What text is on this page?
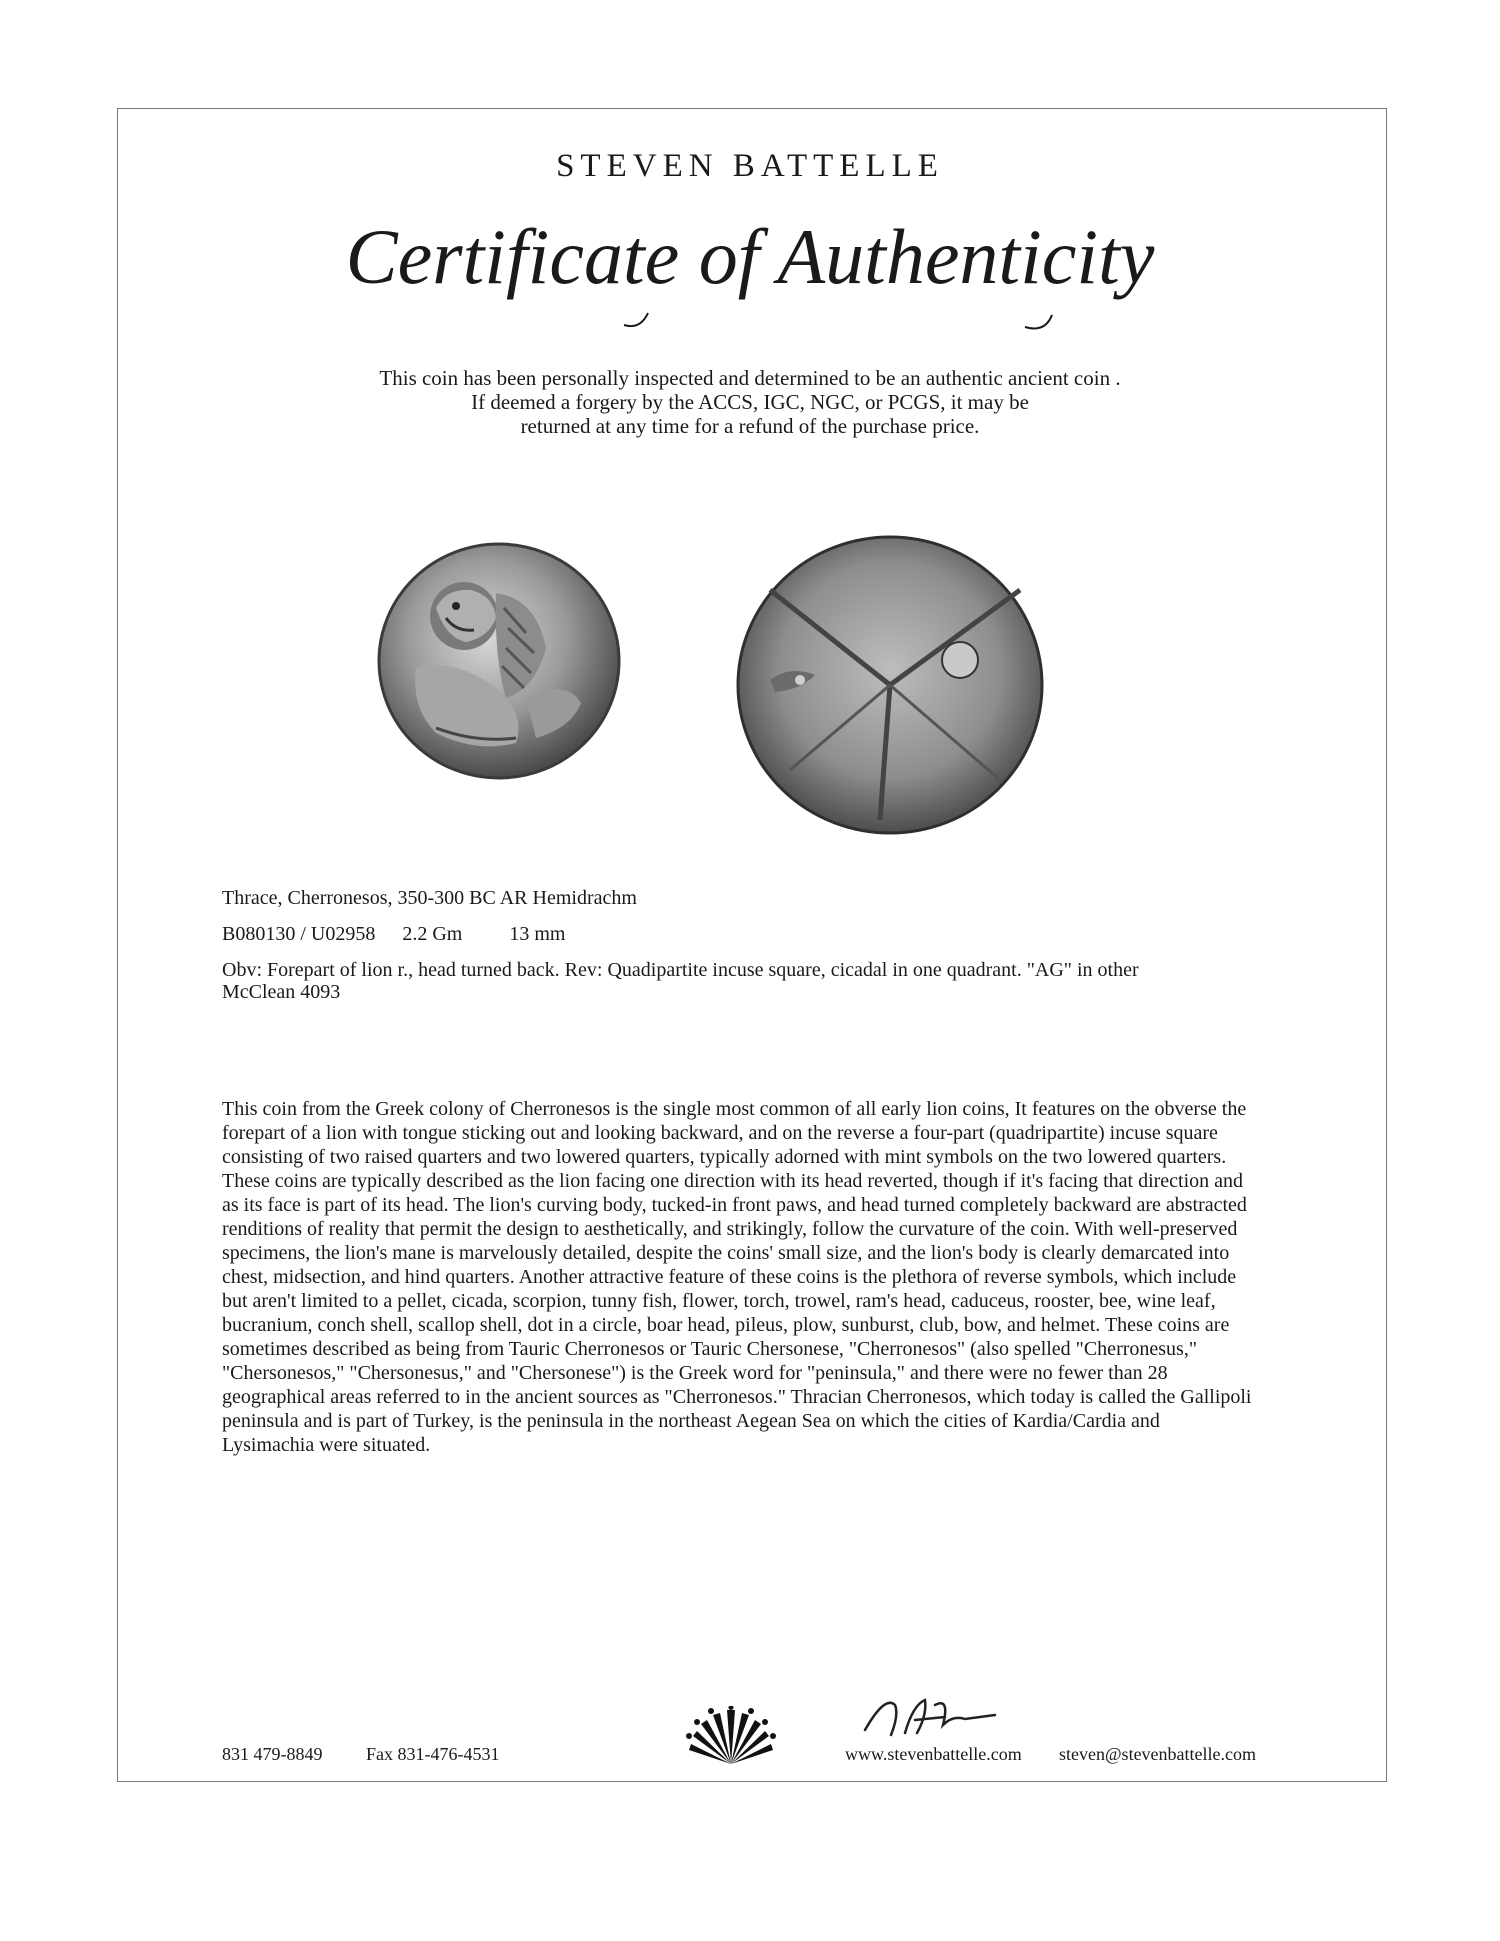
STEVEN BATTELLE
Certificate of Authenticity
This coin has been personally inspected and determined to be an authentic ancient coin .
If deemed a forgery by the ACCS, IGC, NGC, or PCGS, it may be
returned at any time for a refund of the purchase price.
Thrace, Cherronesos, 350-300 BC AR Hemidrachm
B080130 / U02958 2.2 Gm 13 mm
Obv: Forepart of lion r., head turned back. Rev: Quadipartite incuse square, cicadal in one quadrant. "AG" in other
McClean 4093
This coin from the Greek colony of Cherronesos is the single most common of all early lion coins, It features on the obverse the forepart of a lion with tongue sticking out and looking backward, and on the reverse a four-part (quadripartite) incuse square consisting of two raised quarters and two lowered quarters, typically adorned with mint symbols on the two lowered quarters. These coins are typically described as the lion facing one direction with its head reverted, though if it's facing that direction and as its face is part of its head. The lion's curving body, tucked-in front paws, and head turned completely backward are abstracted renditions of reality that permit the design to aesthetically, and strikingly, follow the curvature of the coin. With well-preserved specimens, the lion's mane is marvelously detailed, despite the coins' small size, and the lion's body is clearly demarcated into chest, midsection, and hind quarters. Another attractive feature of these coins is the plethora of reverse symbols, which include but aren't limited to a pellet, cicada, scorpion, tunny fish, flower, torch, trowel, ram's head, caduceus, rooster, bee, wine leaf, bucranium, conch shell, scallop shell, dot in a circle, boar head, pileus, plow, sunburst, club, bow, and helmet. These coins are sometimes described as being from Tauric Cherronesos or Tauric Chersonese, "Cherronesos" (also spelled "Cherronesus," "Chersonesos," "Chersonesus," and "Chersonese") is the Greek word for "peninsula," and there were no fewer than 28 geographical areas referred to in the ancient sources as "Cherronesos." Thracian Cherronesos, which today is called the Gallipoli peninsula and is part of Turkey, is the peninsula in the northeast Aegean Sea on which the cities of Kardia/Cardia and Lysimachia were situated.
831 479-8849 Fax 831-476-4531	www.stevenbattelle.com steven@stevenbattelle.com
